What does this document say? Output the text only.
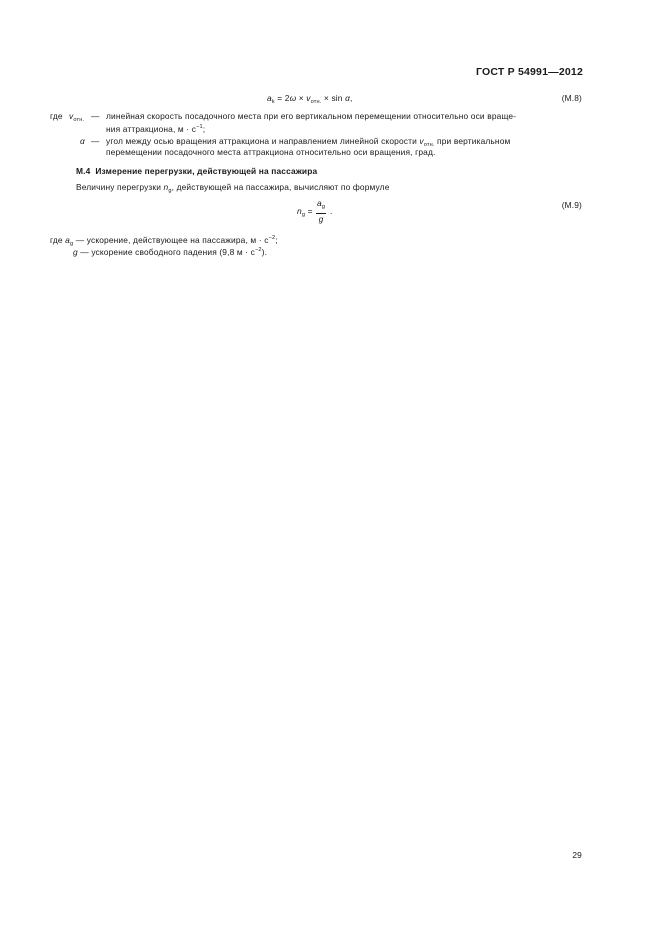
ГОСТ Р 54991—2012
$a_k = 2\omega \times v_{отн.} \times \sin \alpha$,	(М.8)
где $v_{отн.}$ — линейная скорость посадочного места при его вертикальном перемещении относительно оси враще-
ния аттракциона, $м \cdot с^{-1}$;
α — угол между осью вращения аттракциона и направлением линейной скорости $v_{отн.}$ при вертикальном
перемещении посадочного места аттракциона относительно оси вращения, град.
М.4 Измерение перегрузки, действующей на пассажира
Величину перегрузки $n_g$, действующей на пассажира, вычисляют по формуле
$n_g = \frac{a_g}{g}$ .
(М.9)
где $a_g$ — ускорение, действующее на пассажира, $м \cdot с^{-2}$;
g — ускорение свободного падения (9,8 $м \cdot с^{-2}$).
29
